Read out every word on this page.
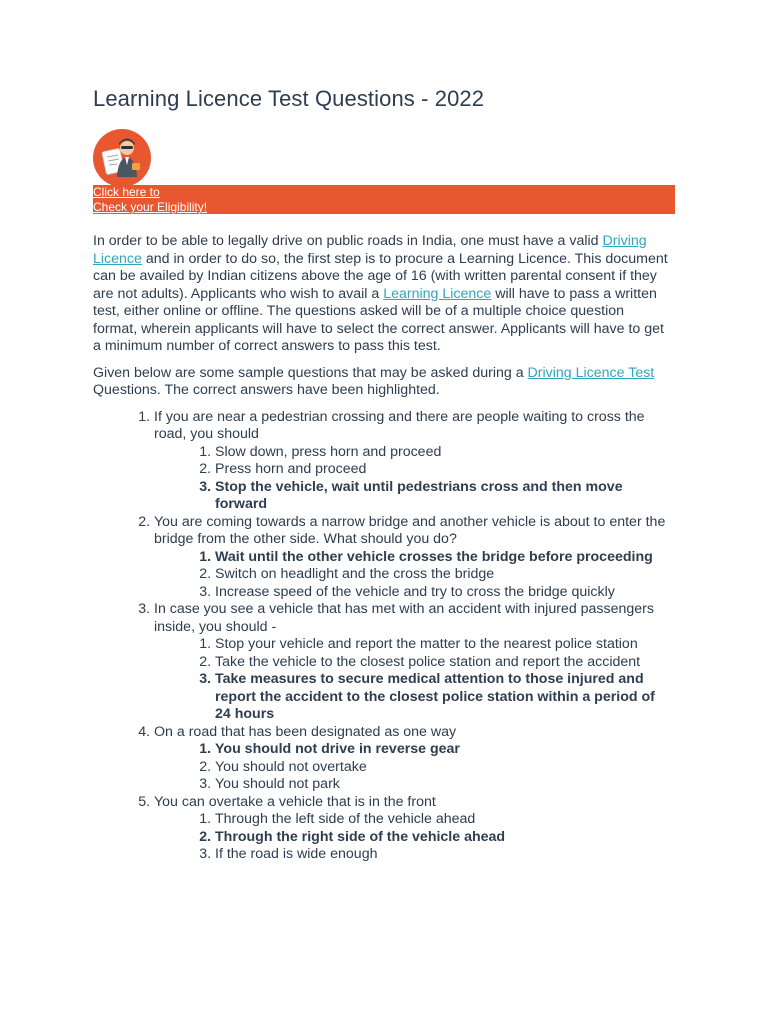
Learning Licence Test Questions - 2022
Click here to
Check your Eligibility!

In order to be able to legally drive on public roads in India, one must have a valid Driving Licence and in order to do so, the first step is to procure a Learning Licence. This document can be availed by Indian citizens above the age of 16 (with written parental consent if they are not adults). Applicants who wish to avail a Learning Licence will have to pass a written test, either online or offline. The questions asked will be of a multiple choice question format, wherein applicants will have to select the correct answer. Applicants will have to get a minimum number of correct answers to pass this test.

Given below are some sample questions that may be asked during a Driving Licence Test Questions. The correct answers have been highlighted.

1. If you are near a pedestrian crossing and there are people waiting to cross the road, you should
1. Slow down, press horn and proceed
2. Press horn and proceed
3. Stop the vehicle, wait until pedestrians cross and then move forward
2. You are coming towards a narrow bridge and another vehicle is about to enter the bridge from the other side. What should you do?
1. Wait until the other vehicle crosses the bridge before proceeding
2. Switch on headlight and the cross the bridge
3. Increase speed of the vehicle and try to cross the bridge quickly
3. In case you see a vehicle that has met with an accident with injured passengers inside, you should -
1. Stop your vehicle and report the matter to the nearest police station
2. Take the vehicle to the closest police station and report the accident
3. Take measures to secure medical attention to those injured and report the accident to the closest police station within a period of 24 hours
4. On a road that has been designated as one way
1. You should not drive in reverse gear
2. You should not overtake
3. You should not park
5. You can overtake a vehicle that is in the front
1. Through the left side of the vehicle ahead
2. Through the right side of the vehicle ahead
3. If the road is wide enough
